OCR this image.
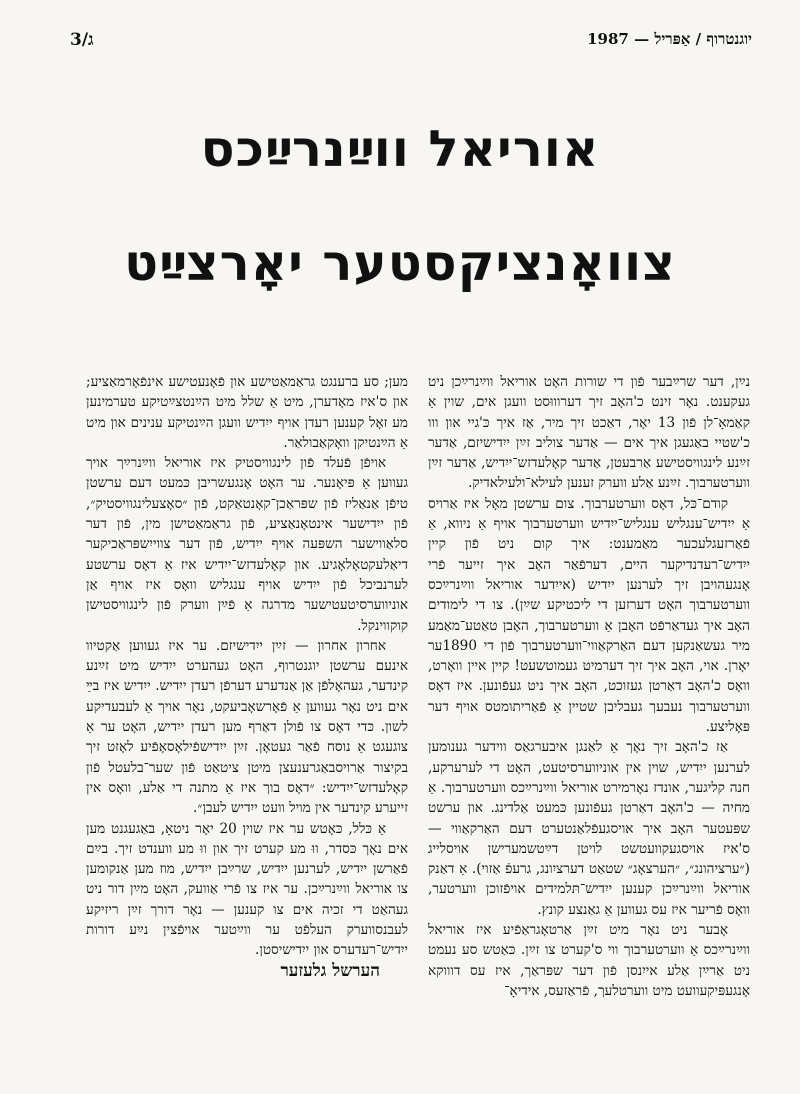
יוגנטרוף / אַפּריל — 1987
ג/3
אוריאל ווײַנרײַכס
צוואָנציקסטער יאָרצײַט

נײַן, דער שרײַבער פֿון די שורות האָט אוריאל ווײַנרײַכן ניט געקענט. נאָר זינט כ'האָב זיך דערוווּסט וועגן אים, שוין אַ קאַמאָ־לן פֿון 13 יאָר, דאַכט זיך מיר, אַז איך כּ'גיי און ווו כ'שטיי באַגעגן איך אים — אַדער צוליב זײַן ייִדישיזם, אַדער זײַנע לינגוויסטישע אַרבעטן, אַדער קאָלעדזש־ייִדיש, אַדער זײַן ווערטערבוך. זײַנע אַלע ווערק זענען לעילא־ולעילאדיק.

קודם־כּל, דאָס ווערטערבוך. צום ערשטן מאָל איז אַרויס אַ ייִדיש־ענגליש ענגליש־ייִדיש ווערטערבוך אויף אַ ניווא, אַ פֿאַרזעגלעכער מאַמענט: איך קום ניט פֿון קיין ייִדיש־רעדנדיקער היים, דערפֿאַר האָב איך זייער פֿרי אָנגעהויבן זיך לערנען ייִדיש (אייִדער אוריאל ווײַנרײַכס ווערטערבוך האָט דערזען די ליכטיקע שײַן). צו די לימודים האָב איך געדאַרפֿט האָבן אַ ווערטערבוך, האָבן טאַטע־מאַמע מיר געשאַנקען דעם האַרקאַווי־ווערטערבוך פֿון די 1890ער יאָרן. אוי, האָב איך זיך דערמיט געמוטשעט! קיין איין וואָרט, וואָס כ'האָב דאַרטן געזוכט, האָב איך ניט געפֿונען. איז דאָס ווערטערבוך נעבעך געבליבן שטיין אַ פֿאַריתומטס אויף דער פּאָליצע.

אַז כ'האָב זיך נאָך אַ לאַנגן איבערגאַס ווידער גענומען לערנען ייִדיש, שוין אין אוניווערסיטעט, האָט די לערערקע, חנה קליגער, אונדז נאָרמירט אוריאל ווײַנרײַכס ווערטערבוך. אַ מחיה — כ'האָב דאַרטן געפֿונען כּמעט אַלדינג. און ערשט שפּעטער האָב איך אויסגעפֿלאַנטערט דעם האַרקאַווי — ס'איז אויסגעקוועטשט לויטן דײַטשמערישן אויסלייג (״ערציהונג״, ״הערצאָג״ שטאַט דערציִונג, גרעפֿ אַזוי). אַ דאַנק אוריאל ווײַנרײַכן קענען ייִדיש־תּלמידים אויפֿזוכן ווערטער, וואָס פֿריער איז עס געווען אַ גאַנצע קונץ.

אָבער ניט נאָר מיט זײַן אַרטאָגראַפֿיע איז אוריאל ווײַנרײַכס אַ ווערטערבוך ווי ס'קערט צו זײַן. כּאַטש סע נעמט ניט אַרײַן אַלע אייִנסן פֿון דער שפּראַך, איז עס דוווקא אָנגעפּיקעוועט מיט ווערטלעך, פֿראַזעס, אידיאָ־

מען; סע ברענגט גראַמאַטישע און פֿאָנעטישע אינפֿאָרמאַציע; און ס'איז מאָדערן, מיט אַ שלל מיט הײַנטצײַטיקע טערמינען מע זאָל קענען רעדן אויף ייִדיש וועגן הײַנטיקע ענינים און מיט אַ הײַנטיקן וואָקאַבולאַר.

אויפֿן פֿעלד פֿון לינגוויסטיק איז אוריאל ווײַנרײַך אויך געווען אַ פּיאָנער. ער האָט אָנגעשריבן כּמעט דעם ערשטן טיפֿן אַנאַליז פֿון שפּראַכן־קאָנטאַקט, פֿון ״סאָצעלינגוויסטיק״, פֿון ייִדישער אינטאָנאַציע, פֿון גראַמאַטישן מין, פֿון דער סלאַווישער השפּעה אויף ייִדיש, פֿון דער צווייִשפּראַכיקער דיאַלעקטאָלאָגיע. און קאָלעדזש־ייִדיש איז אַ דאָס ערשטע לערנביכל פֿון ייִדיש אויף ענגליש וואָס איז אויף אַן אוניווערסיטעטישער מדרגה אַ פֿײַן ווערק פֿון לינגוויסטישן קוקווינקל.

אחרון אחרון — זײַן ייִדישיזם. ער איז געווען אַקטיוו אינעם ערשטן יוגנטרוף, האָט געהערט ייִדיש מיט זײַנע קינדער, געהאָלפֿן אַן אַנדערע דערפֿן רעדן ייִדיש. ייִדיש איז בײַ אים ניט נאָר געווען אַ פֿאָרשאָביעקט, נאָר אויך אַ לעבעדיקע לשון. כּדי דאָס צו פֿולן דאַרף מען רעדן ייִדיש, האָט ער אַ צוגעגט אַ נוסח פֿאַר געטאָן. זײַן ייִדישפֿילאָסאָפֿיע לאָזט זיך בקיצור אַרויסבאַגרענעצן מיטן ציטאַט פֿון שער־בלעטל פֿון קאָלעדזש־ייִדיש: ״דאָס בוך איז אַ מתנה די אַלע, וואָס אין זייערע קינדער אין מויל וועט ייִדיש לעבן״.

אַ כּלל, כּאָטש ער איז שוין 20 יאָר ניטאָ, באַגעגנט מען אים נאָך כּסדר, ווּ מע קערט זיך און ווּ מע ווענדט זיך. בײַם פֿאַרשן ייִדיש, לערנען ייִדיש, שרײַבן ייִדיש, מוז מען אַנקומען צו אוריאל ווײַנרײַכן. ער איז צו פֿרי אַוועק, האָט מײַן דור ניט געהאַט די זכיה אים צו קענען — נאָר דורך זײַן ריזיקע לעבנסווערק העלפֿט ער ווײַטער אויפֿצין נײַע דורות ייִדיש־רעדערס און ייִדישיסטן.

הערשל גלעזער
